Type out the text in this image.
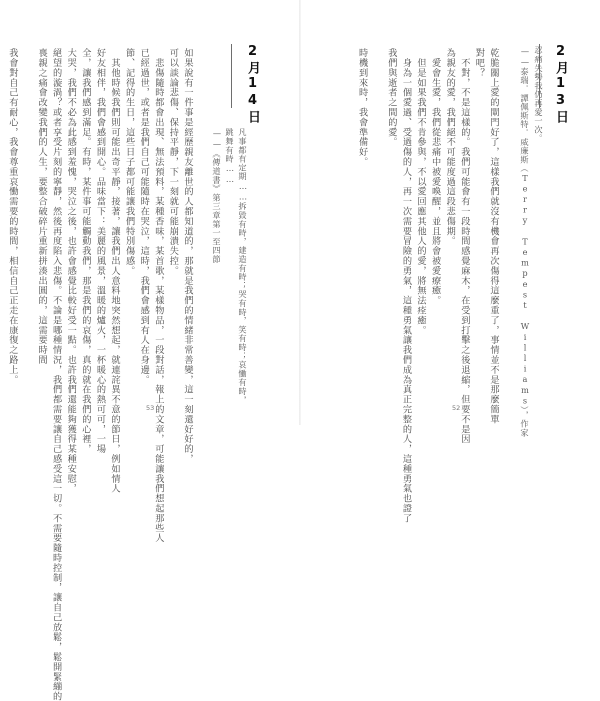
2月14日
凡事都有定期……拆毀有時，建造有時；哭有時，笑有時；哀慟有時，
跳舞有時……
——《傳道書》第三章第一至四節
如果說有一件事是經歷親友離世的人都知道的，那就是我們的情緒非常善變，這一刻還好好的，
可以談論悲傷、保持平靜，下一刻就可能崩潰失控。
　悲傷隨時都會出現、無法預料，某種香味，某首歌，某樣物品，一段對話，報上的文章，可能讓我們想起那些人
已經過世，或者是我們自己可能隨時在哭泣，這時，我們會感到有人在身邊。
節、記得的生日，這些日子都可能讓我們特別傷感。
　其他時候我們則可能出奇平靜，接著，讓我們出人意料地突然想起，就連詫異不意的節日，例如情人
好友相伴，我們會感到開心。品味當下：美麗的風景，溫暖的爐火，一杯暖心的熱可可，一場
全，讓我們感到滿足。有時，某件事可能觸動我們，那是我們的哀傷，真的就在我們的心裡，
大哭，我們不必為此感到羞愧，哭泣之後，也許會感覺比較好受一點。也許我們還能夠獲得某種安慰，
絕望的漩渦？或者享受片刻的寧靜，然後再度陷入悲傷。不論是哪種情況，我們都需要讓自己感受這一切。不需要隨時控制，讓自己放鬆，鬆開緊繃的
喪親之痛會改變我們的人生，要整合破碎片重新拼湊出圓的，這需要時間

我會對自己有耐心，我會尊重哀慟需要的時間，相信自己正走在康復之路上。
53
2月13日
忍痛失勢我仍再愛一次。
——泰瑞．譚佩斯特．威廉斯（Terry Tempest Williams），作家
乾脆關上愛的閘門好了，這樣我們就沒有機會再次傷得這麼重了，事情並不是那麼簡單
對吧？
　不對，不是這樣的。我們可能會有一段時間感覺麻木，在受到打擊之後退縮，但要不是因
為親友的愛，我們絕不可能度過這段悲傷期。
　愛會生愛，我們從悲痛中被愛喚醒，並且將會被愛療癒。
　但是如果我們不肯參與，不以愛回應其他人的愛，將無法痊癒。
　身為一個愛過、受過傷的人，再一次需要冒險的勇氣，這種勇氣讓我們成為真正完整的人，這種勇氣也證了
我們與逝者之間的愛。

時機到來時，我會準備好。
52
